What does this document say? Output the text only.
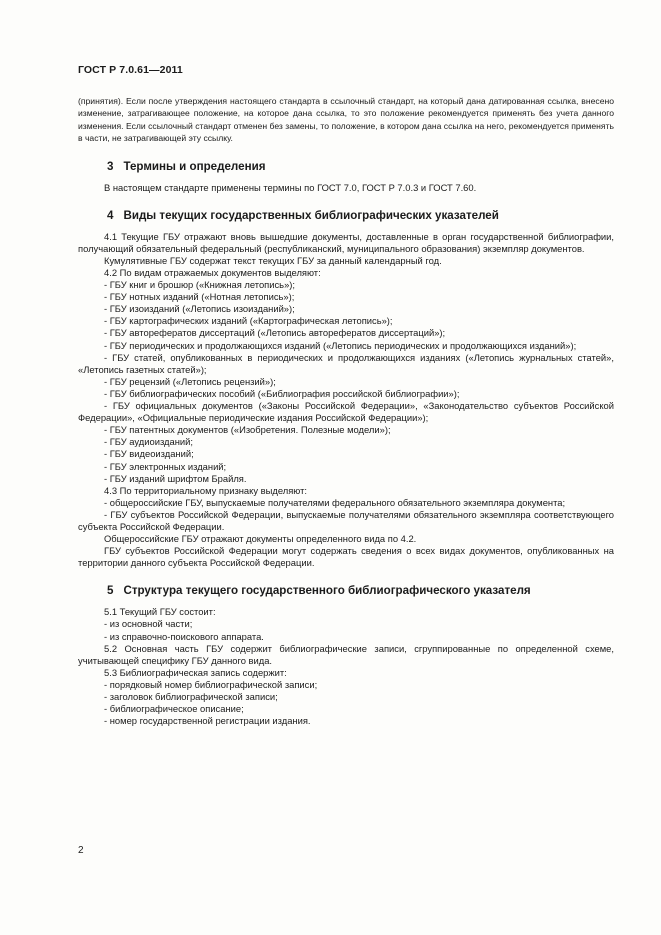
ГОСТ Р 7.0.61—2011

(принятия). Если после утверждения настоящего стандарта в ссылочный стандарт, на который дана датированная ссылка, внесено изменение, затрагивающее положение, на которое дана ссылка, то это положение рекомендуется применять без учета данного изменения. Если ссылочный стандарт отменен без замены, то положение, в котором дана ссылка на него, рекомендуется применять в части, не затрагивающей эту ссылку.

3 Термины и определения

В настоящем стандарте применены термины по ГОСТ 7.0, ГОСТ Р 7.0.3 и ГОСТ 7.60.

4 Виды текущих государственных библиографических указателей

4.1 Текущие ГБУ отражают вновь вышедшие документы, доставленные в орган государственной библиографии, получающий обязательный федеральный (республиканский, муниципального образования) экземпляр документов.

Кумулятивные ГБУ содержат текст текущих ГБУ за данный календарный год.

4.2 По видам отражаемых документов выделяют:

- ГБУ книг и брошюр («Книжная летопись»);

- ГБУ нотных изданий («Нотная летопись»);

- ГБУ изоизданий («Летопись изоизданий»);

- ГБУ картографических изданий («Картографическая летопись»);

- ГБУ авторефератов диссертаций («Летопись авторефератов диссертаций»);

- ГБУ периодических и продолжающихся изданий («Летопись периодических и продолжающихся изданий»);

- ГБУ статей, опубликованных в периодических и продолжающихся изданиях («Летопись журнальных статей», «Летопись газетных статей»);

- ГБУ рецензий («Летопись рецензий»);

- ГБУ библиографических пособий («Библиография российской библиографии»);

- ГБУ официальных документов («Законы Российской Федерации», «Законодательство субъектов Российской Федерации», «Официальные периодические издания Российской Федерации»);

- ГБУ патентных документов («Изобретения. Полезные модели»);

- ГБУ аудиоизданий;

- ГБУ видеоизданий;

- ГБУ электронных изданий;

- ГБУ изданий шрифтом Брайля.

4.3 По территориальному признаку выделяют:

- общероссийские ГБУ, выпускаемые получателями федерального обязательного экземпляра документа;

- ГБУ субъектов Российской Федерации, выпускаемые получателями обязательного экземпляра соответствующего субъекта Российской Федерации.

Общероссийские ГБУ отражают документы определенного вида по 4.2.

ГБУ субъектов Российской Федерации могут содержать сведения о всех видах документов, опубликованных на территории данного субъекта Российской Федерации.

5 Структура текущего государственного библиографического указателя

5.1 Текущий ГБУ состоит:

- из основной части;

- из справочно-поискового аппарата.

5.2 Основная часть ГБУ содержит библиографические записи, сгруппированные по определенной схеме, учитывающей специфику ГБУ данного вида.

5.3 Библиографическая запись содержит:

- порядковый номер библиографической записи;

- заголовок библиографической записи;

- библиографическое описание;

- номер государственной регистрации издания.

2
